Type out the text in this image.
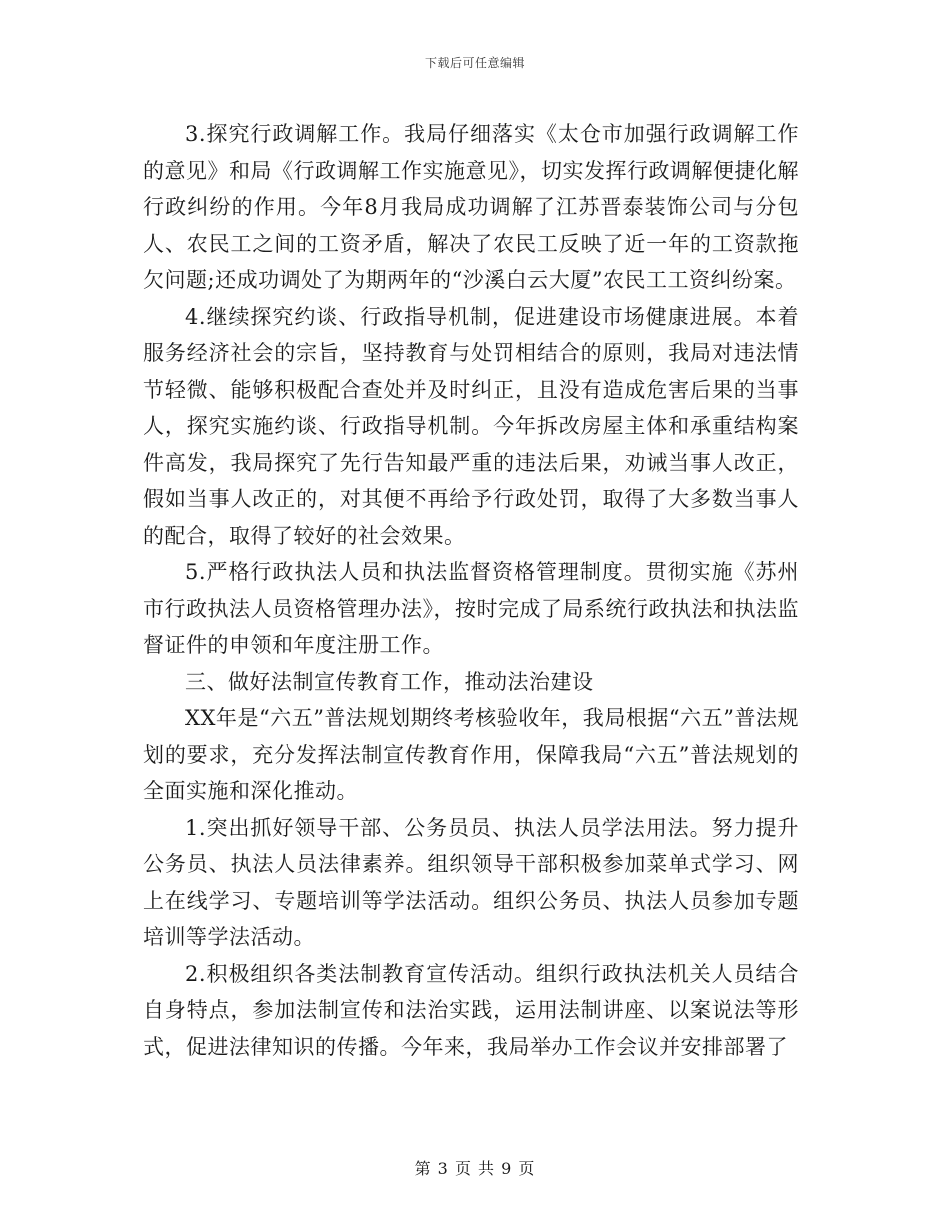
下载后可任意编辑

3.探究行政调解工作。我局仔细落实《太仓市加强行政调解工作的意见》和局《行政调解工作实施意见》，切实发挥行政调解便捷化解行政纠纷的作用。今年8月我局成功调解了江苏晋泰装饰公司与分包人、农民工之间的工资矛盾，解决了农民工反映了近一年的工资款拖欠问题;还成功调处了为期两年的“沙溪白云大厦”农民工工资纠纷案。

4.继续探究约谈、行政指导机制，促进建设市场健康进展。本着服务经济社会的宗旨，坚持教育与处罚相结合的原则，我局对违法情节轻微、能够积极配合查处并及时纠正，且没有造成危害后果的当事人，探究实施约谈、行政指导机制。今年拆改房屋主体和承重结构案件高发，我局探究了先行告知最严重的违法后果，劝诫当事人改正，假如当事人改正的，对其便不再给予行政处罚，取得了大多数当事人的配合，取得了较好的社会效果。

5.严格行政执法人员和执法监督资格管理制度。贯彻实施《苏州市行政执法人员资格管理办法》，按时完成了局系统行政执法和执法监督证件的申领和年度注册工作。

三、做好法制宣传教育工作，推动法治建设

XX年是“六五”普法规划期终考核验收年，我局根据“六五”普法规划的要求，充分发挥法制宣传教育作用，保障我局“六五”普法规划的全面实施和深化推动。

1.突出抓好领导干部、公务员员、执法人员学法用法。努力提升公务员、执法人员法律素养。组织领导干部积极参加菜单式学习、网上在线学习、专题培训等学法活动。组织公务员、执法人员参加专题培训等学法活动。

2.积极组织各类法制教育宣传活动。组织行政执法机关人员结合自身特点，参加法制宣传和法治实践，运用法制讲座、以案说法等形式，促进法律知识的传播。今年来，我局举办工作会议并安排部署了

第 3 页 共 9 页
